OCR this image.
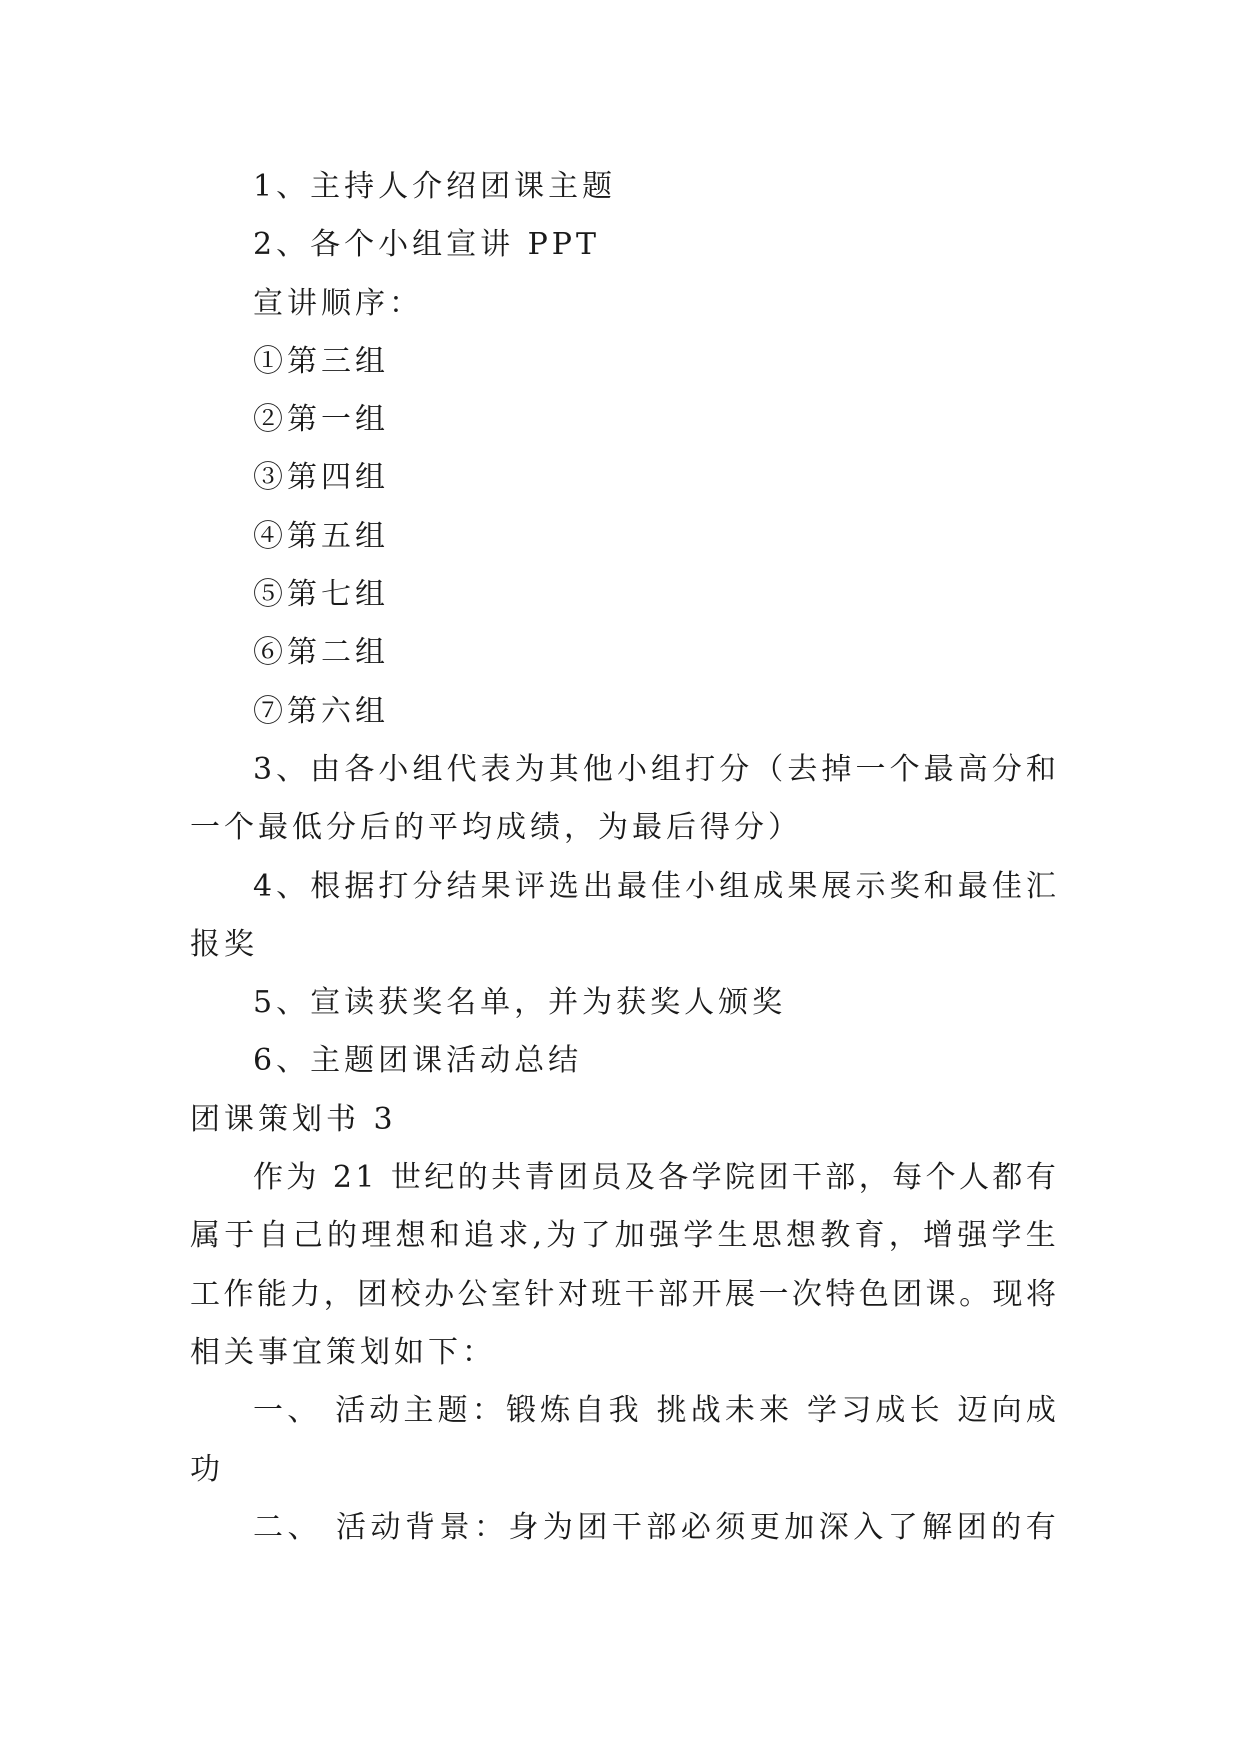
1、主持人介绍团课主题
2、各个小组宣讲 PPT
宣讲顺序：
①第三组
②第一组
③第四组
④第五组
⑤第七组
⑥第二组
⑦第六组
3 、 由 各 小 组 代 表 为 其 他 小 组 打 分 （ 去 掉 一 个 最 高 分 和
一个最低分后的平均成绩，为最后得分）
4 、 根 据 打 分 结 果 评 选 出 最 佳 小 组 成 果 展 示 奖 和 最 佳 汇
报奖
5、宣读获奖名单，并为获奖人颁奖
6、主题团课活动总结
团课策划书 3
作 为
2 1
世 纪 的 共 青 团 员 及 各 学 院 团 干 部 ， 每 个 人 都 有
属 于 自 己 的 理 想 和 追 求 , 为 了 加 强 学 生 思 想 教 育 ， 增 强 学 生
工 作 能 力 ， 团 校 办 公 室 针 对 班 干 部 开 展 一 次 特 色 团 课 。 现 将
相关事宜策划如下：
一 、
活 动 主 题 ： 锻 炼 自 我
挑 战 未 来
学 习 成 长
迈 向 成
功
二 、
活 动 背 景 ： 身 为 团 干 部 必 须 更 加 深 入 了 解 团 的 有
